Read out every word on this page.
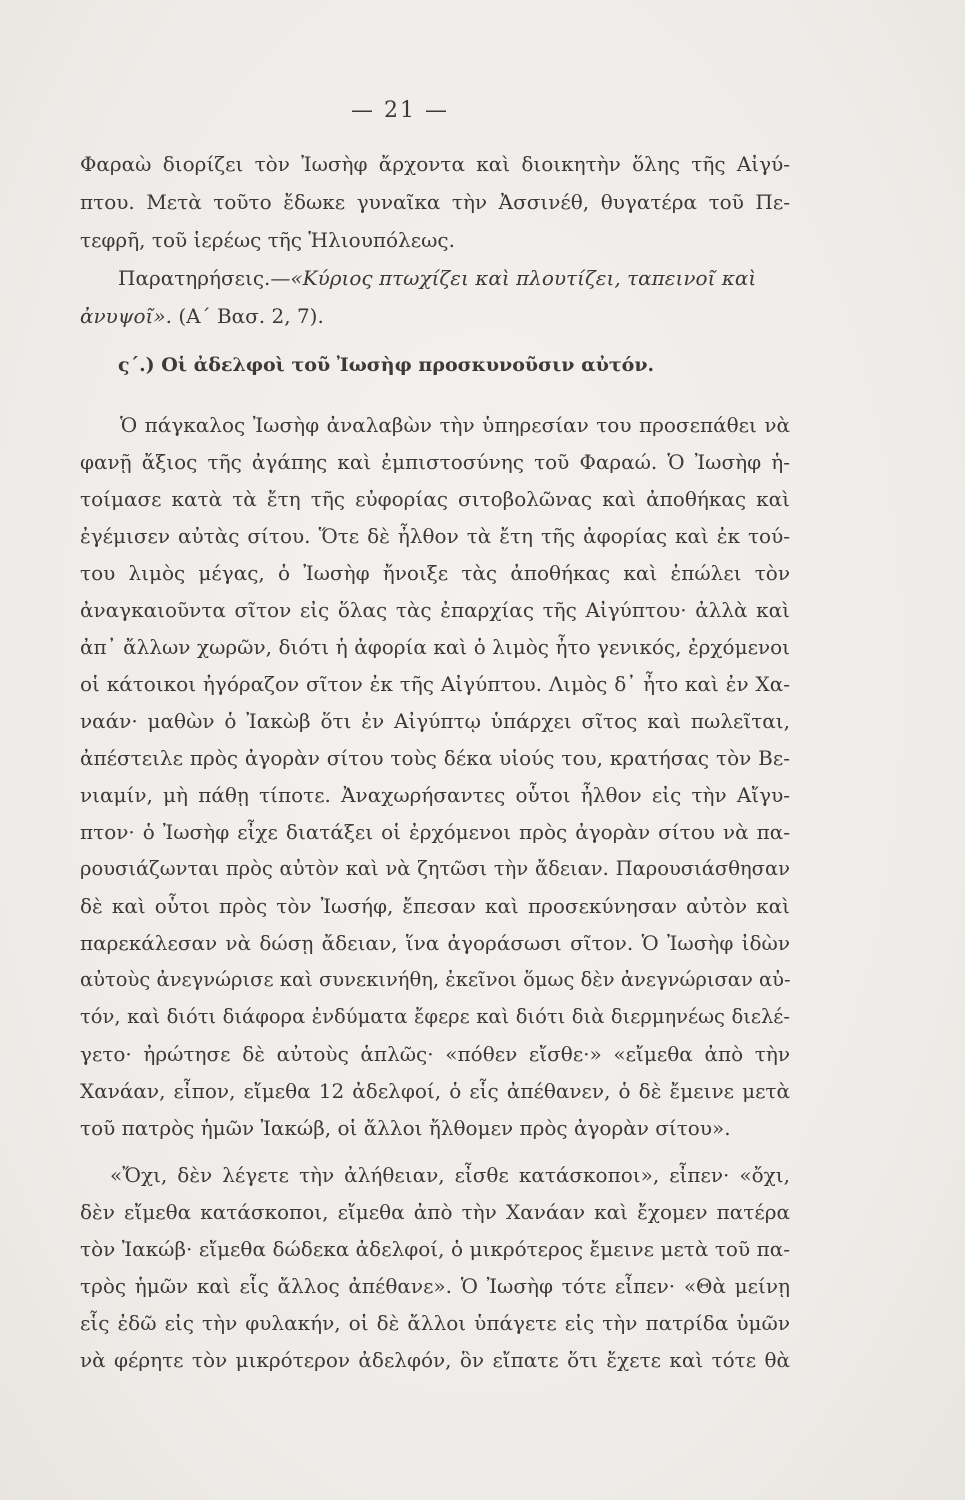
— 21 —
Φαραὼ διορίζει τὸν Ἰωσὴφ ἄρχοντα καὶ διοικητὴν ὅλης τῆς Αἰγύ-
πτου. Μετὰ τοῦτο ἔδωκε γυναῖκα τὴν Ἀσσινέθ, θυγατέρα τοῦ Πε-
τεφρῆ, τοῦ ἱερέως τῆς Ἡλιουπόλεως.
Παρατηρήσεις.—«Κύριος πτωχίζει καὶ πλουτίζει, ταπεινοῖ καὶ
ἀνυψοῖ». (Α΄ Βασ. 2, 7).
ς΄.) Οἱ ἀδελφοὶ τοῦ Ἰωσὴφ προσκυνοῦσιν αὐτόν.
Ὁ πάγκαλος Ἰωσὴφ ἀναλαβὼν τὴν ὑπηρεσίαν του προσεπάθει νὰ
φανῇ ἄξιος τῆς ἀγάπης καὶ ἐμπιστοσύνης τοῦ Φαραώ. Ὁ Ἰωσὴφ ἡ-
τοίμασε κατὰ τὰ ἔτη τῆς εὐφορίας σιτοβολῶνας καὶ ἀποθήκας καὶ
ἐγέμισεν αὐτὰς σίτου. Ὅτε δὲ ἦλθον τὰ ἔτη τῆς ἀφορίας καὶ ἐκ τού-
του λιμὸς μέγας, ὁ Ἰωσὴφ ἤνοιξε τὰς ἀποθήκας καὶ ἐπώλει τὸν
ἀναγκαιοῦντα σῖτον εἰς ὅλας τὰς ἐπαρχίας τῆς Αἰγύπτου· ἀλλὰ καὶ
ἀπ᾽ ἄλλων χωρῶν, διότι ἡ ἀφορία καὶ ὁ λιμὸς ἦτο γενικός, ἐρχόμενοι
οἱ κάτοικοι ἠγόραζον σῖτον ἐκ τῆς Αἰγύπτου. Λιμὸς δ᾽ ἦτο καὶ ἐν Χα-
ναάν· μαθὼν ὁ Ἰακὼβ ὅτι ἐν Αἰγύπτῳ ὑπάρχει σῖτος καὶ πωλεῖται,
ἀπέστειλε πρὸς ἀγορὰν σίτου τοὺς δέκα υἱούς του, κρατήσας τὸν Βε-
νιαμίν, μὴ πάθῃ τίποτε. Ἀναχωρήσαντες οὗτοι ἦλθον εἰς τὴν Αἴγυ-
πτον· ὁ Ἰωσὴφ εἶχε διατάξει οἱ ἐρχόμενοι πρὸς ἀγορὰν σίτου νὰ πα-
ρουσιάζωνται πρὸς αὐτὸν καὶ νὰ ζητῶσι τὴν ἄδειαν. Παρουσιάσθησαν
δὲ καὶ οὗτοι πρὸς τὸν Ἰωσήφ, ἔπεσαν καὶ προσεκύνησαν αὐτὸν καὶ
παρεκάλεσαν νὰ δώσῃ ἄδειαν, ἵνα ἀγοράσωσι σῖτον. Ὁ Ἰωσὴφ ἰδὼν
αὐτοὺς ἀνεγνώρισε καὶ συνεκινήθη, ἐκεῖνοι ὅμως δὲν ἀνεγνώρισαν αὐ-
τόν, καὶ διότι διάφορα ἐνδύματα ἔφερε καὶ διότι διὰ διερμηνέως διελέ-
γετο· ἠρώτησε δὲ αὐτοὺς ἁπλῶς· «πόθεν εἴσθε·» «εἴμεθα ἀπὸ τὴν
Χανάαν, εἶπον, εἴμεθα 12 ἀδελφοί, ὁ εἷς ἀπέθανεν, ὁ δὲ ἔμεινε μετὰ
τοῦ πατρὸς ἡμῶν Ἰακώβ, οἱ ἄλλοι ἤλθομεν πρὸς ἀγορὰν σίτου».
«Ὄχι, δὲν λέγετε τὴν ἀλήθειαν, εἶσθε κατάσκοποι», εἶπεν· «ὄχι,
δὲν εἴμεθα κατάσκοποι, εἴμεθα ἀπὸ τὴν Χανάαν καὶ ἔχομεν πατέρα
τὸν Ἰακώβ· εἴμεθα δώδεκα ἀδελφοί, ὁ μικρότερος ἔμεινε μετὰ τοῦ πα-
τρὸς ἡμῶν καὶ εἷς ἄλλος ἀπέθανε». Ὁ Ἰωσὴφ τότε εἶπεν· «Θὰ μείνῃ
εἷς ἐδῶ εἰς τὴν φυλακήν, οἱ δὲ ἄλλοι ὑπάγετε εἰς τὴν πατρίδα ὑμῶν
νὰ φέρητε τὸν μικρότερον ἀδελφόν, ὃν εἴπατε ὅτι ἔχετε καὶ τότε θὰ
